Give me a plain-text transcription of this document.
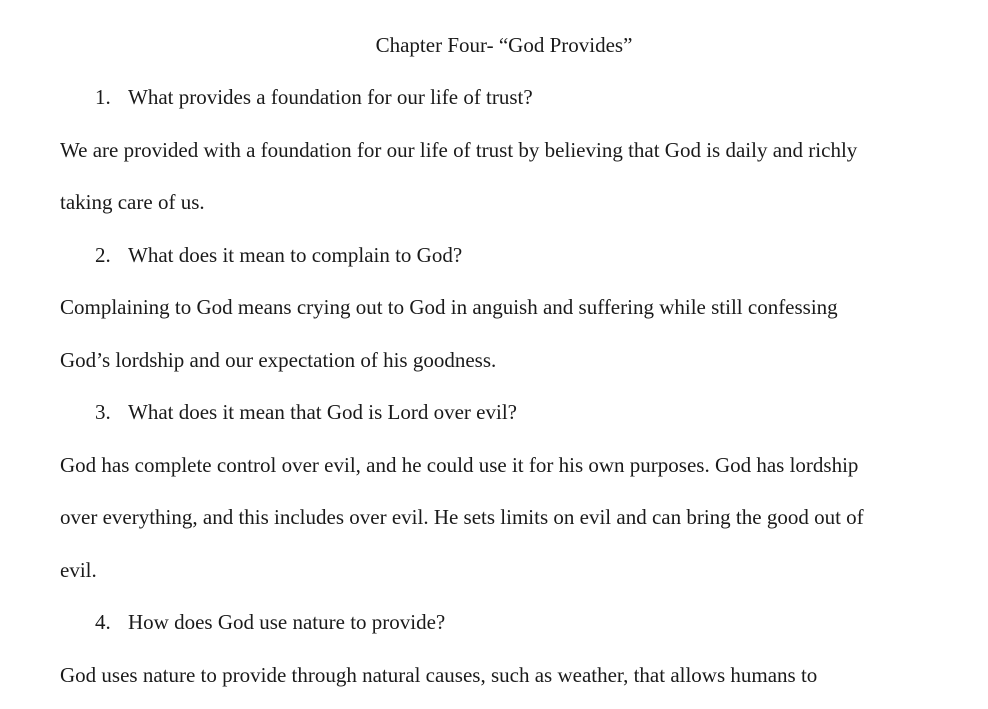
Chapter Four- “God Provides”
1. What provides a foundation for our life of trust?
We are provided with a foundation for our life of trust by believing that God is daily and richly
taking care of us.
2. What does it mean to complain to God?
Complaining to God means crying out to God in anguish and suffering while still confessing
God’s lordship and our expectation of his goodness.
3. What does it mean that God is Lord over evil?
God has complete control over evil, and he could use it for his own purposes. God has lordship
over everything, and this includes over evil. He sets limits on evil and can bring the good out of
evil.
4. How does God use nature to provide?
God uses nature to provide through natural causes, such as weather, that allows humans to
